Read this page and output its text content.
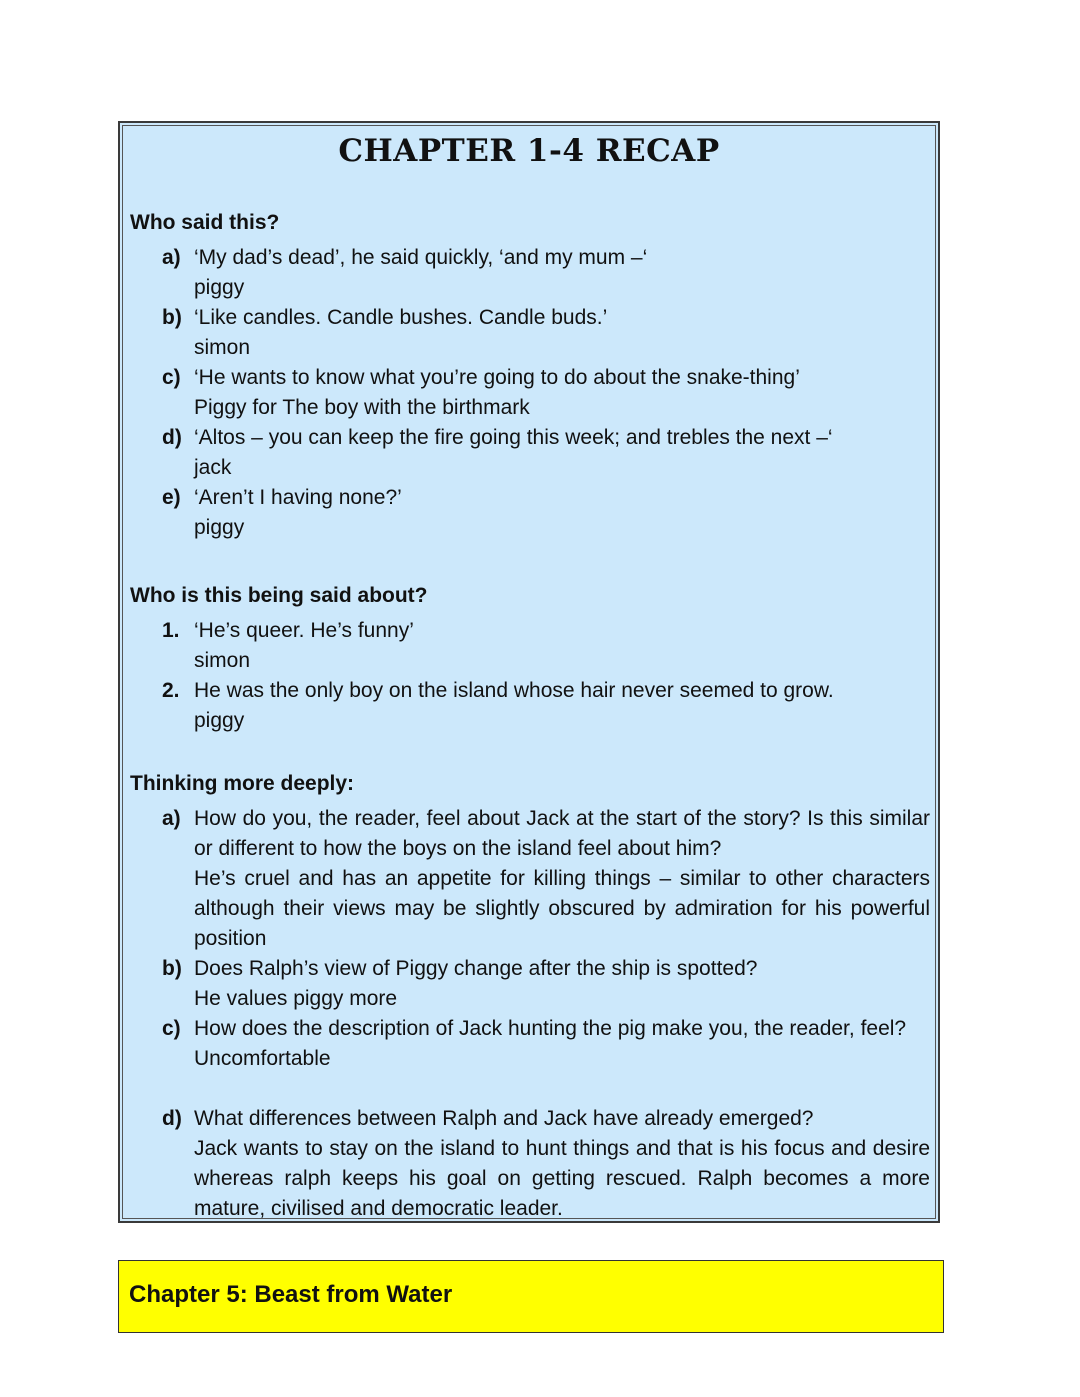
CHAPTER 1-4 RECAP
Who said this?
a) ‘My dad’s dead’, he said quickly, ‘and my mum –‘
piggy
b) ‘Like candles. Candle bushes. Candle buds.’
simon
c) ‘He wants to know what you’re going to do about the snake-thing’
Piggy for The boy with the birthmark
d) ‘Altos – you can keep the fire going this week; and trebles the next –‘
jack
e) ‘Aren’t I having none?’
piggy
Who is this being said about?
1. ‘He’s queer. He’s funny’
simon
2. He was the only boy on the island whose hair never seemed to grow.
piggy
Thinking more deeply:
a) How do you, the reader, feel about Jack at the start of the story? Is this similar or different to how the boys on the island feel about him?
He’s cruel and has an appetite for killing things – similar to other characters although their views may be slightly obscured by admiration for his powerful position
b) Does Ralph’s view of Piggy change after the ship is spotted?
He values piggy more
c) How does the description of Jack hunting the pig make you, the reader, feel?
Uncomfortable
d) What differences between Ralph and Jack have already emerged?
Jack wants to stay on the island to hunt things and that is his focus and desire whereas ralph keeps his goal on getting rescued. Ralph becomes a more mature, civilised and democratic leader.
Chapter 5: Beast from Water
